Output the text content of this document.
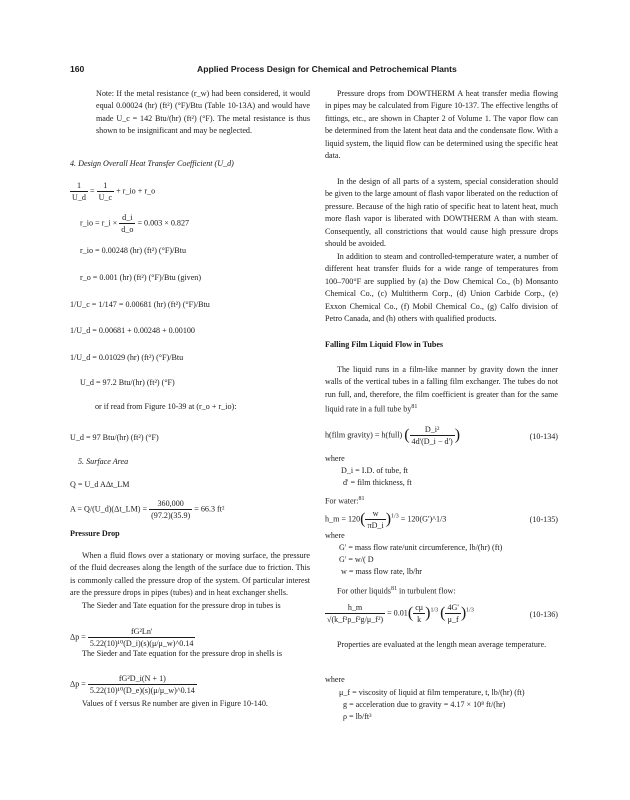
160	Applied Process Design for Chemical and Petrochemical Plants

Note: If the metal resistance (r_w) had been considered, it would equal 0.00024 (hr) (ft²) (°F)/Btu (Table 10-13A) and would have made U_c = 142 Btu/(hr) (ft²) (°F). The metal resistance is thus shown to be insignificant and may be neglected.

4. Design Overall Heat Transfer Coefficient (U_d)
$\frac{1}{U\_d} = \frac{1}{U\_c}$ + r_io + r_o
r_io = r_i × $\frac{d\_i}{d\_o} = 0.003 \times 0.827$
r_io = 0.00248 (hr) (ft²) (°F)/Btu
r_o = 0.001 (hr) (ft²) (°F)/Btu (given)
1/U_c = 1/147 = 0.00681 (hr) (ft²) (°F)/Btu
1/U_d = 0.00681 + 0.00248 + 0.00100
1/U_d = 0.01029 (hr) (ft²) (°F)/Btu
U_d = 97.2 Btu/(hr) (ft²) (°F)
or if read from Figure 10-39 at (r_o + r_io):
U_d = 97 Btu/(hr) (ft²) (°F)
5. Surface Area
Q = U_d AΔt_LM
A = Q/(U_d)(Δt_LM) = $\frac{360,000}{(97.2)(35.9)} = 66.3$ ft²
Pressure Drop

When a fluid flows over a stationary or moving surface, the pressure of the fluid decreases along the length of the surface due to friction. This is commonly called the pressure drop of the system. Of particular interest are the pressure drops in pipes (tubes) and in heat exchanger shells.

The Sieder and Tate equation for the pressure drop in tubes is

$\Delta p = \frac{\text{fG²Ln'}}{\text{5.22(10)¹⁰(D\_i)(s)(μ/μ\_w)\textasciicircum{}0.14}}$

The Sieder and Tate equation for the pressure drop in shells is

$\Delta p = \frac{\text{fG²D\_i(N + 1)}}{\text{5.22(10)¹⁰(D\_e)(s)(μ/μ\_w)\textasciicircum{}0.14}}$

Values of f versus Re number are given in Figure 10-140.

Pressure drops from DOWTHERM A heat transfer media flowing in pipes may be calculated from Figure 10-137. The effective lengths of fittings, etc., are shown in Chapter 2 of Volume 1. The vapor flow can be determined from the latent heat data and the condensate flow. With a liquid system, the liquid flow can be determined using the specific heat data.

In the design of all parts of a system, special consideration should be given to the large amount of flash vapor liberated on the reduction of pressure. Because of the high ratio of specific heat to latent heat, much more flash vapor is liberated with DOWTHERM A than with steam. Consequently, all constrictions that would cause high pressure drops should be avoided.

In addition to steam and controlled-temperature water, a number of different heat transfer fluids for a wide range of temperatures from 100–700°F are supplied by (a) the Dow Chemical Co., (b) Monsanto Chemical Co., (c) Multitherm Corp., (d) Union Carbide Corp., (e) Exxon Chemical Co., (f) Mobil Chemical Co., (g) Calfo division of Petro Canada, and (h) others with qualified products.

Falling Film Liquid Flow in Tubes

The liquid runs in a film-like manner by gravity down the inner walls of the vertical tubes in a falling film exchanger. The tubes do not run full, and, therefore, the film coefficient is greater than for the same liquid rate in a full tube $by^{81}$

h(film gravity) = h(full) ( $\frac{\text{D\_i²}}{4d'(D\_i - d')}$ )	(10-134)
where
D_i = I.D. of tube, ft
d' = film thickness, ft
For water:$^{81}$
h_m = $120( \frac{w}{\pi D\_i} )^{1/3}$ = 120(G')^1/3	(10-135)
where
G' = mass flow rate/unit circumference, lb/(hr) (ft)
G' = w/( D
w = mass flow rate, lb/hr
For other liquids$^{81}$ in turbulent flow:
$\frac{h\_m}{\text{√(k\_f³ρ\_f²g/μ\_f²)}} = 0.01( \frac{c\mu}{k} )^{1/3}$ ( $\frac{4G'}{\mu\_f} )^{1/3}$	(10-136)

Properties are evaluated at the length mean average temperature.

where
μ_f = viscosity of liquid at film temperature, t, lb/(hr) (ft)
g = acceleration due to gravity = 4.17 × 10⁸ ft/(hr)
ρ = lb/ft³
